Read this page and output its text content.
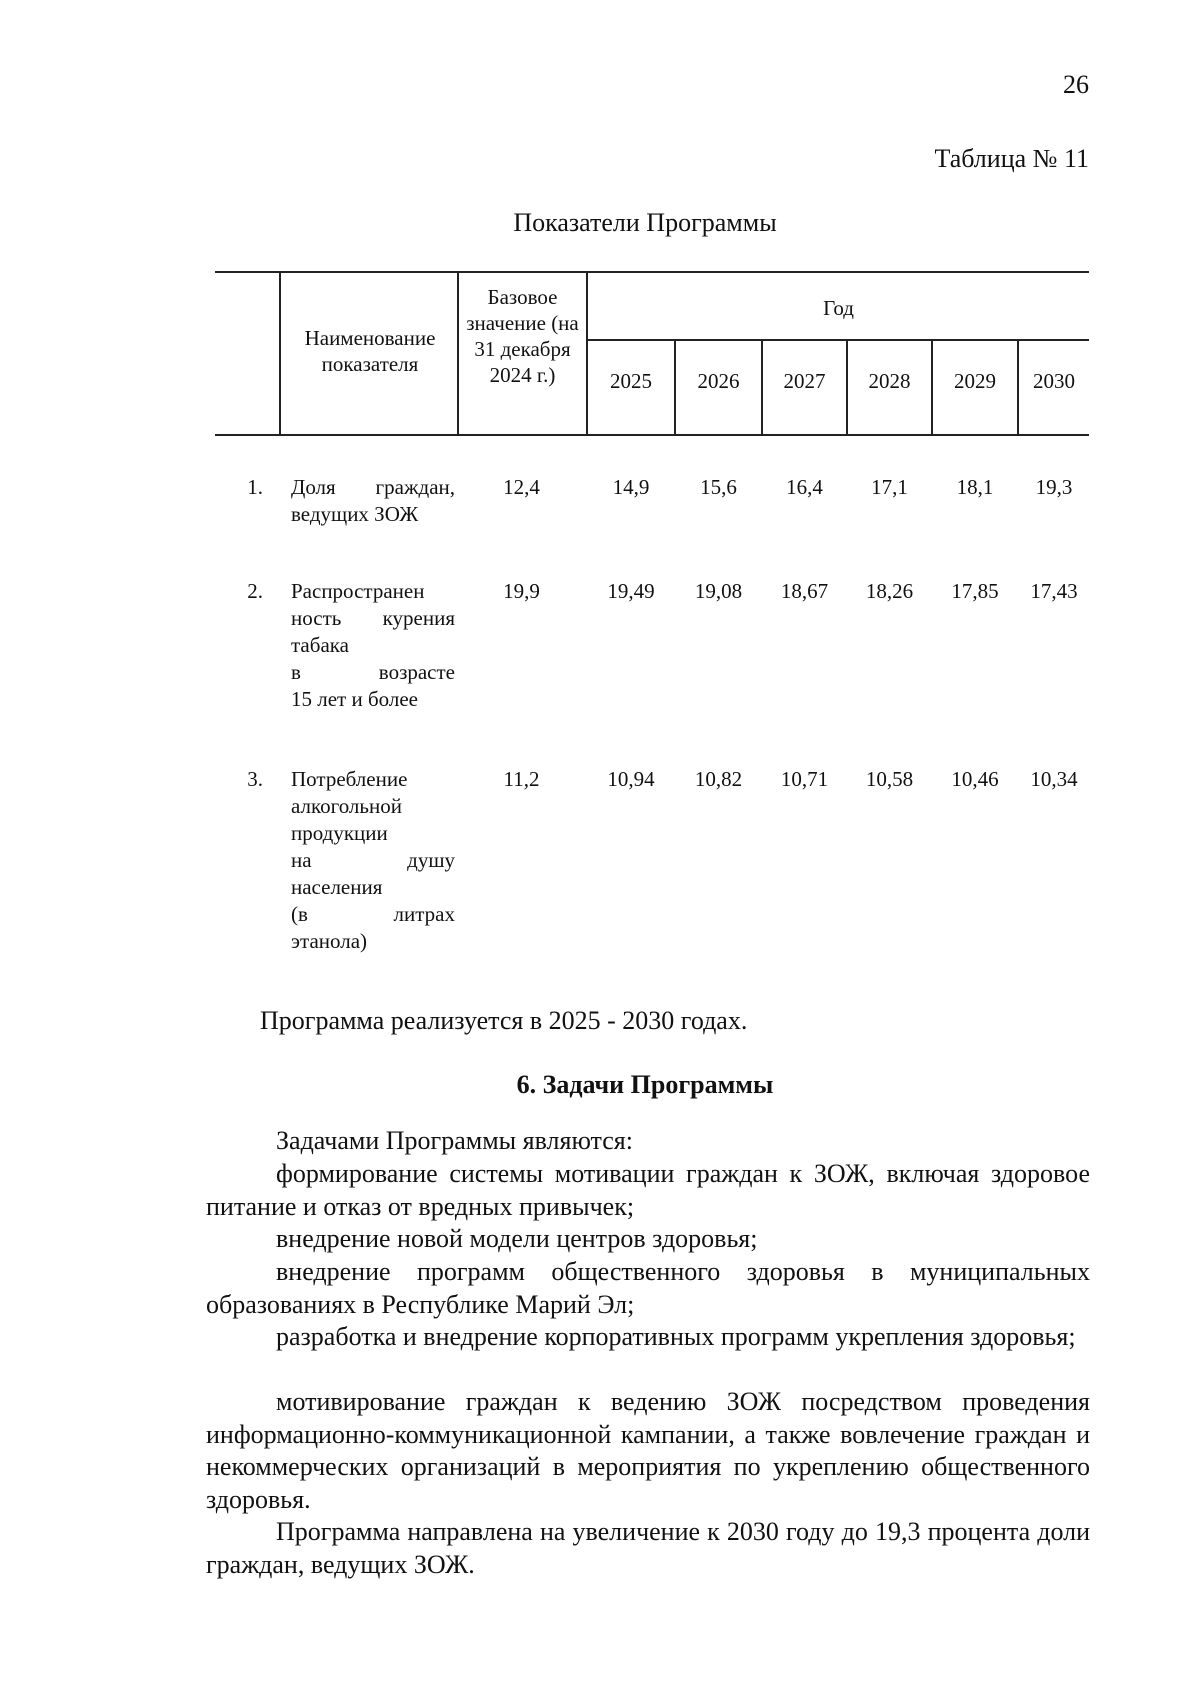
26
Таблица № 11
Показатели Программы
Наименование показателя
Базовое значение (на 31 декабря 2024 г.)
Год
2025	2026	2027	2028	2029	2030
1. Доля граждан,
ведущих ЗОЖ
12,4	14,9	15,6	16,4	17,1	18,1	19,3
2. Распространен
ность курения
табака
в возрасте
15 лет и более
19,9	19,49	19,08	18,67	18,26	17,85	17,43
3. Потребление
алкогольной
продукции
на душу
населения
(в литрах
этанола)
11,2	10,94	10,82	10,71	10,58	10,46	10,34
Программа реализуется в 2025 - 2030 годах.
6. Задачи Программы
Задачами Программы являются:
формирование системы мотивации граждан к ЗОЖ, включая здоровое питание и отказ от вредных привычек;
внедрение новой модели центров здоровья;
внедрение программ общественного здоровья в муниципальных образованиях в Республике Марий Эл;
разработка и внедрение корпоративных программ укрепления здоровья;
мотивирование граждан к ведению ЗОЖ посредством проведения информационно-коммуникационной кампании, а также вовлечение граждан и некоммерческих организаций в мероприятия по укреплению общественного здоровья.
Программа направлена на увеличение к 2030 году до 19,3 процента доли граждан, ведущих ЗОЖ.
